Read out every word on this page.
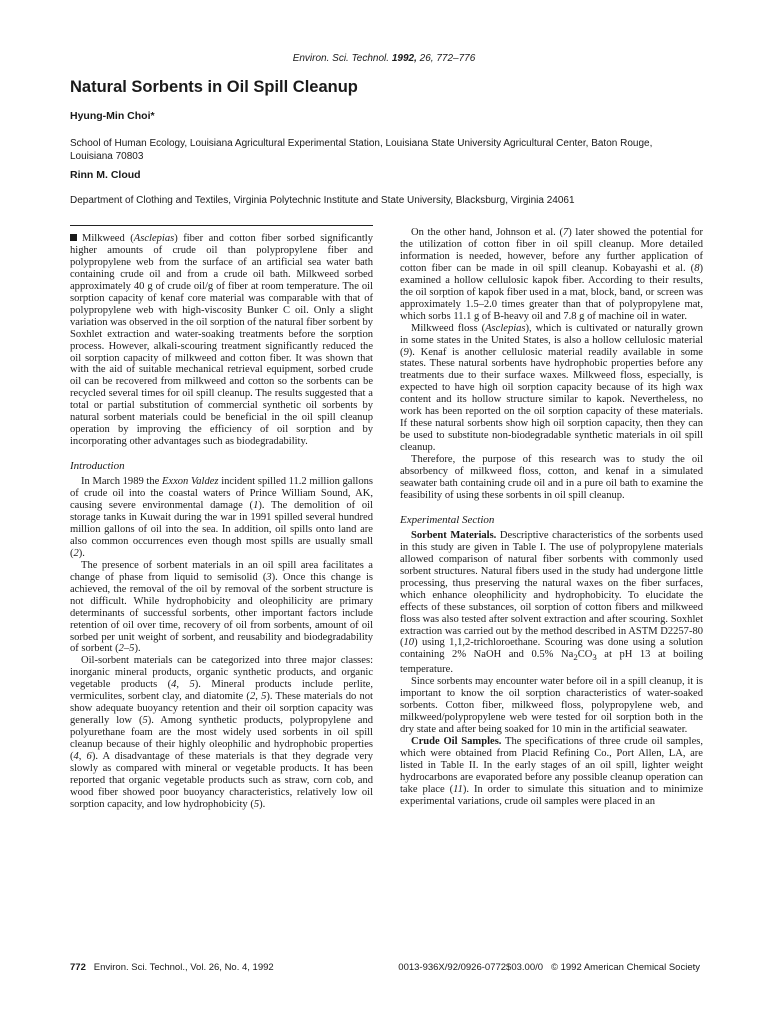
Environ. Sci. Technol. 1992, 26, 772–776
Natural Sorbents in Oil Spill Cleanup
Hyung-Min Choi*
School of Human Ecology, Louisiana Agricultural Experimental Station, Louisiana State University Agricultural Center, Baton Rouge, Louisiana 70803
Rinn M. Cloud
Department of Clothing and Textiles, Virginia Polytechnic Institute and State University, Blacksburg, Virginia 24061

Milkweed (Asclepias) fiber and cotton fiber sorbed significantly higher amounts of crude oil than polypropylene fiber and polypropylene web from the surface of an artificial sea water bath containing crude oil and from a crude oil bath. Milkweed sorbed approximately 40 g of crude oil/g of fiber at room temperature. The oil sorption capacity of kenaf core material was comparable with that of polypropylene web with high-viscosity Bunker C oil. Only a slight variation was observed in the oil sorption of the natural fiber sorbent by Soxhlet extraction and water-soaking treatments before the sorption process. However, alkali-scouring treatment significantly reduced the oil sorption capacity of milkweed and cotton fiber. It was shown that with the aid of suitable mechanical retrieval equipment, sorbed crude oil can be recovered from milkweed and cotton so the sorbents can be recycled several times for oil spill cleanup. The results suggested that a total or partial substitution of commercial synthetic oil sorbents by natural sorbent materials could be beneficial in the oil spill cleanup operation by improving the efficiency of oil sorption and by incorporating other advantages such as biodegradability.

Introduction

In March 1989 the Exxon Valdez incident spilled 11.2 million gallons of crude oil into the coastal waters of Prince William Sound, AK, causing severe environmental damage (1). The demolition of oil storage tanks in Kuwait during the war in 1991 spilled several hundred million gallons of oil into the sea. In addition, oil spills onto land are also common occurrences even though most spills are usually small (2).

The presence of sorbent materials in an oil spill area facilitates a change of phase from liquid to semisolid (3). Once this change is achieved, the removal of the oil by removal of the sorbent structure is not difficult. While hydrophobicity and oleophilicity are primary determinants of successful sorbents, other important factors include retention of oil over time, recovery of oil from sorbents, amount of oil sorbed per unit weight of sorbent, and reusability and biodegradability of sorbent (2–5).

Oil-sorbent materials can be categorized into three major classes: inorganic mineral products, organic synthetic products, and organic vegetable products (4, 5). Mineral products include perlite, vermiculites, sorbent clay, and diatomite (2, 5). These materials do not show adequate buoyancy retention and their oil sorption capacity was generally low (5). Among synthetic products, polypropylene and polyurethane foam are the most widely used sorbents in oil spill cleanup because of their highly oleophilic and hydrophobic properties (4, 6). A disadvantage of these materials is that they degrade very slowly as compared with mineral or vegetable products. It has been reported that organic vegetable products such as straw, corn cob, and wood fiber showed poor buoyancy characteristics, relatively low oil sorption capacity, and low hydrophobicity (5).

On the other hand, Johnson et al. (7) later showed the potential for the utilization of cotton fiber in oil spill cleanup. More detailed information is needed, however, before any further application of cotton fiber can be made in oil spill cleanup. Kobayashi et al. (8) examined a hollow cellulosic kapok fiber. According to their results, the oil sorption of kapok fiber used in a mat, block, band, or screen was approximately 1.5–2.0 times greater than that of polypropylene mat, which sorbs 11.1 g of B-heavy oil and 7.8 g of machine oil in water.

Milkweed floss (Asclepias), which is cultivated or naturally grown in some states in the United States, is also a hollow cellulosic material (9). Kenaf is another cellulosic material readily available in some states. These natural sorbents have hydrophobic properties before any treatments due to their surface waxes. Milkweed floss, especially, is expected to have high oil sorption capacity because of its high wax content and its hollow structure similar to kapok. Nevertheless, no work has been reported on the oil sorption capacity of these materials. If these natural sorbents show high oil sorption capacity, then they can be used to substitute non-biodegradable synthetic materials in oil spill cleanup.

Therefore, the purpose of this research was to study the oil absorbency of milkweed floss, cotton, and kenaf in a simulated seawater bath containing crude oil and in a pure oil bath to examine the feasibility of using these sorbents in oil spill cleanup.

Experimental Section

Sorbent Materials. Descriptive characteristics of the sorbents used in this study are given in Table I. The use of polypropylene materials allowed comparison of natural fiber sorbents with commonly used sorbent structures. Natural fibers used in the study had undergone little processing, thus preserving the natural waxes on the fiber surfaces, which enhance oleophilicity and hydrophobicity. To elucidate the effects of these substances, oil sorption of cotton fibers and milkweed floss was also tested after solvent extraction and after scouring. Soxhlet extraction was carried out by the method described in ASTM D2257-80 (10) using 1,1,2-trichloroethane. Scouring was done using a solution containing 2% NaOH and 0.5% $Na_2CO_3$ at pH 13 at boiling temperature.

Since sorbents may encounter water before oil in a spill cleanup, it is important to know the oil sorption characteristics of water-soaked sorbents. Cotton fiber, milkweed floss, polypropylene web, and milkweed/polypropylene web were tested for oil sorption both in the dry state and after being soaked for 10 min in the artificial seawater.

Crude Oil Samples. The specifications of three crude oil samples, which were obtained from Placid Refining Co., Port Allen, LA, are listed in Table II. In the early stages of an oil spill, lighter weight hydrocarbons are evaporated before any possible cleanup operation can take place (11). In order to simulate this situation and to minimize experimental variations, crude oil samples were placed in an

772 Environ. Sci. Technol., Vol. 26, No. 4, 1992	0013-936X/92/0926-0772$03.00/0 © 1992 American Chemical Society
